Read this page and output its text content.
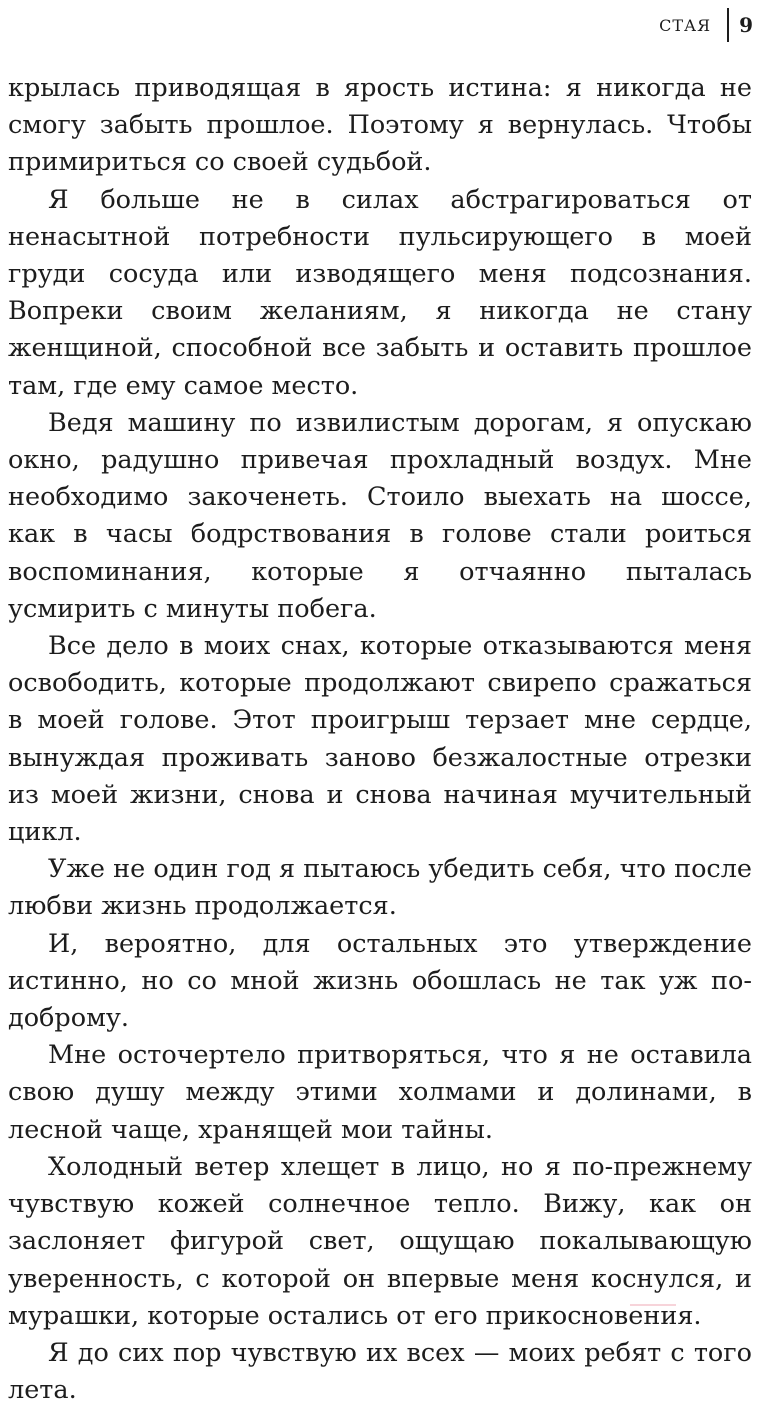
СТАЯ 9

крылась приводящая в ярость истина: я никогда не смогу забыть прошлое. Поэтому я вернулась. Чтобы примириться со своей судьбой.

Я больше не в силах абстрагироваться от ненасытной потребности пульсирующего в моей груди сосуда или изводящего меня подсознания. Вопреки своим желаниям, я никогда не стану женщиной, способной все забыть и оставить прошлое там, где ему самое место.

Ведя машину по извилистым дорогам, я опускаю окно, радушно привечая прохладный воздух. Мне необходимо закоченеть. Стоило выехать на шоссе, как в часы бодрствования в голове стали роиться воспоминания, которые я отчаянно пыталась усмирить с минуты побега.

Все дело в моих снах, которые отказываются меня освободить, которые продолжают свирепо сражаться в моей голове. Этот проигрыш терзает мне сердце, вынуждая проживать заново безжалостные отрезки из моей жизни, снова и снова начиная мучительный цикл.

Уже не один год я пытаюсь убедить себя, что после любви жизнь продолжается.

И, вероятно, для остальных это утверждение истинно, но со мной жизнь обошлась не так уж по-доброму.

Мне осточертело притворяться, что я не оставила свою душу между этими холмами и долинами, в лесной чаще, хранящей мои тайны.

Холодный ветер хлещет в лицо, но я по-прежнему чувствую кожей солнечное тепло. Вижу, как он заслоняет фигурой свет, ощущаю покалывающую уверенность, с которой он впервые меня коснулся, и мурашки, которые остались от его прикосновения.

Я до сих пор чувствую их всех — моих ребят с того лета.
